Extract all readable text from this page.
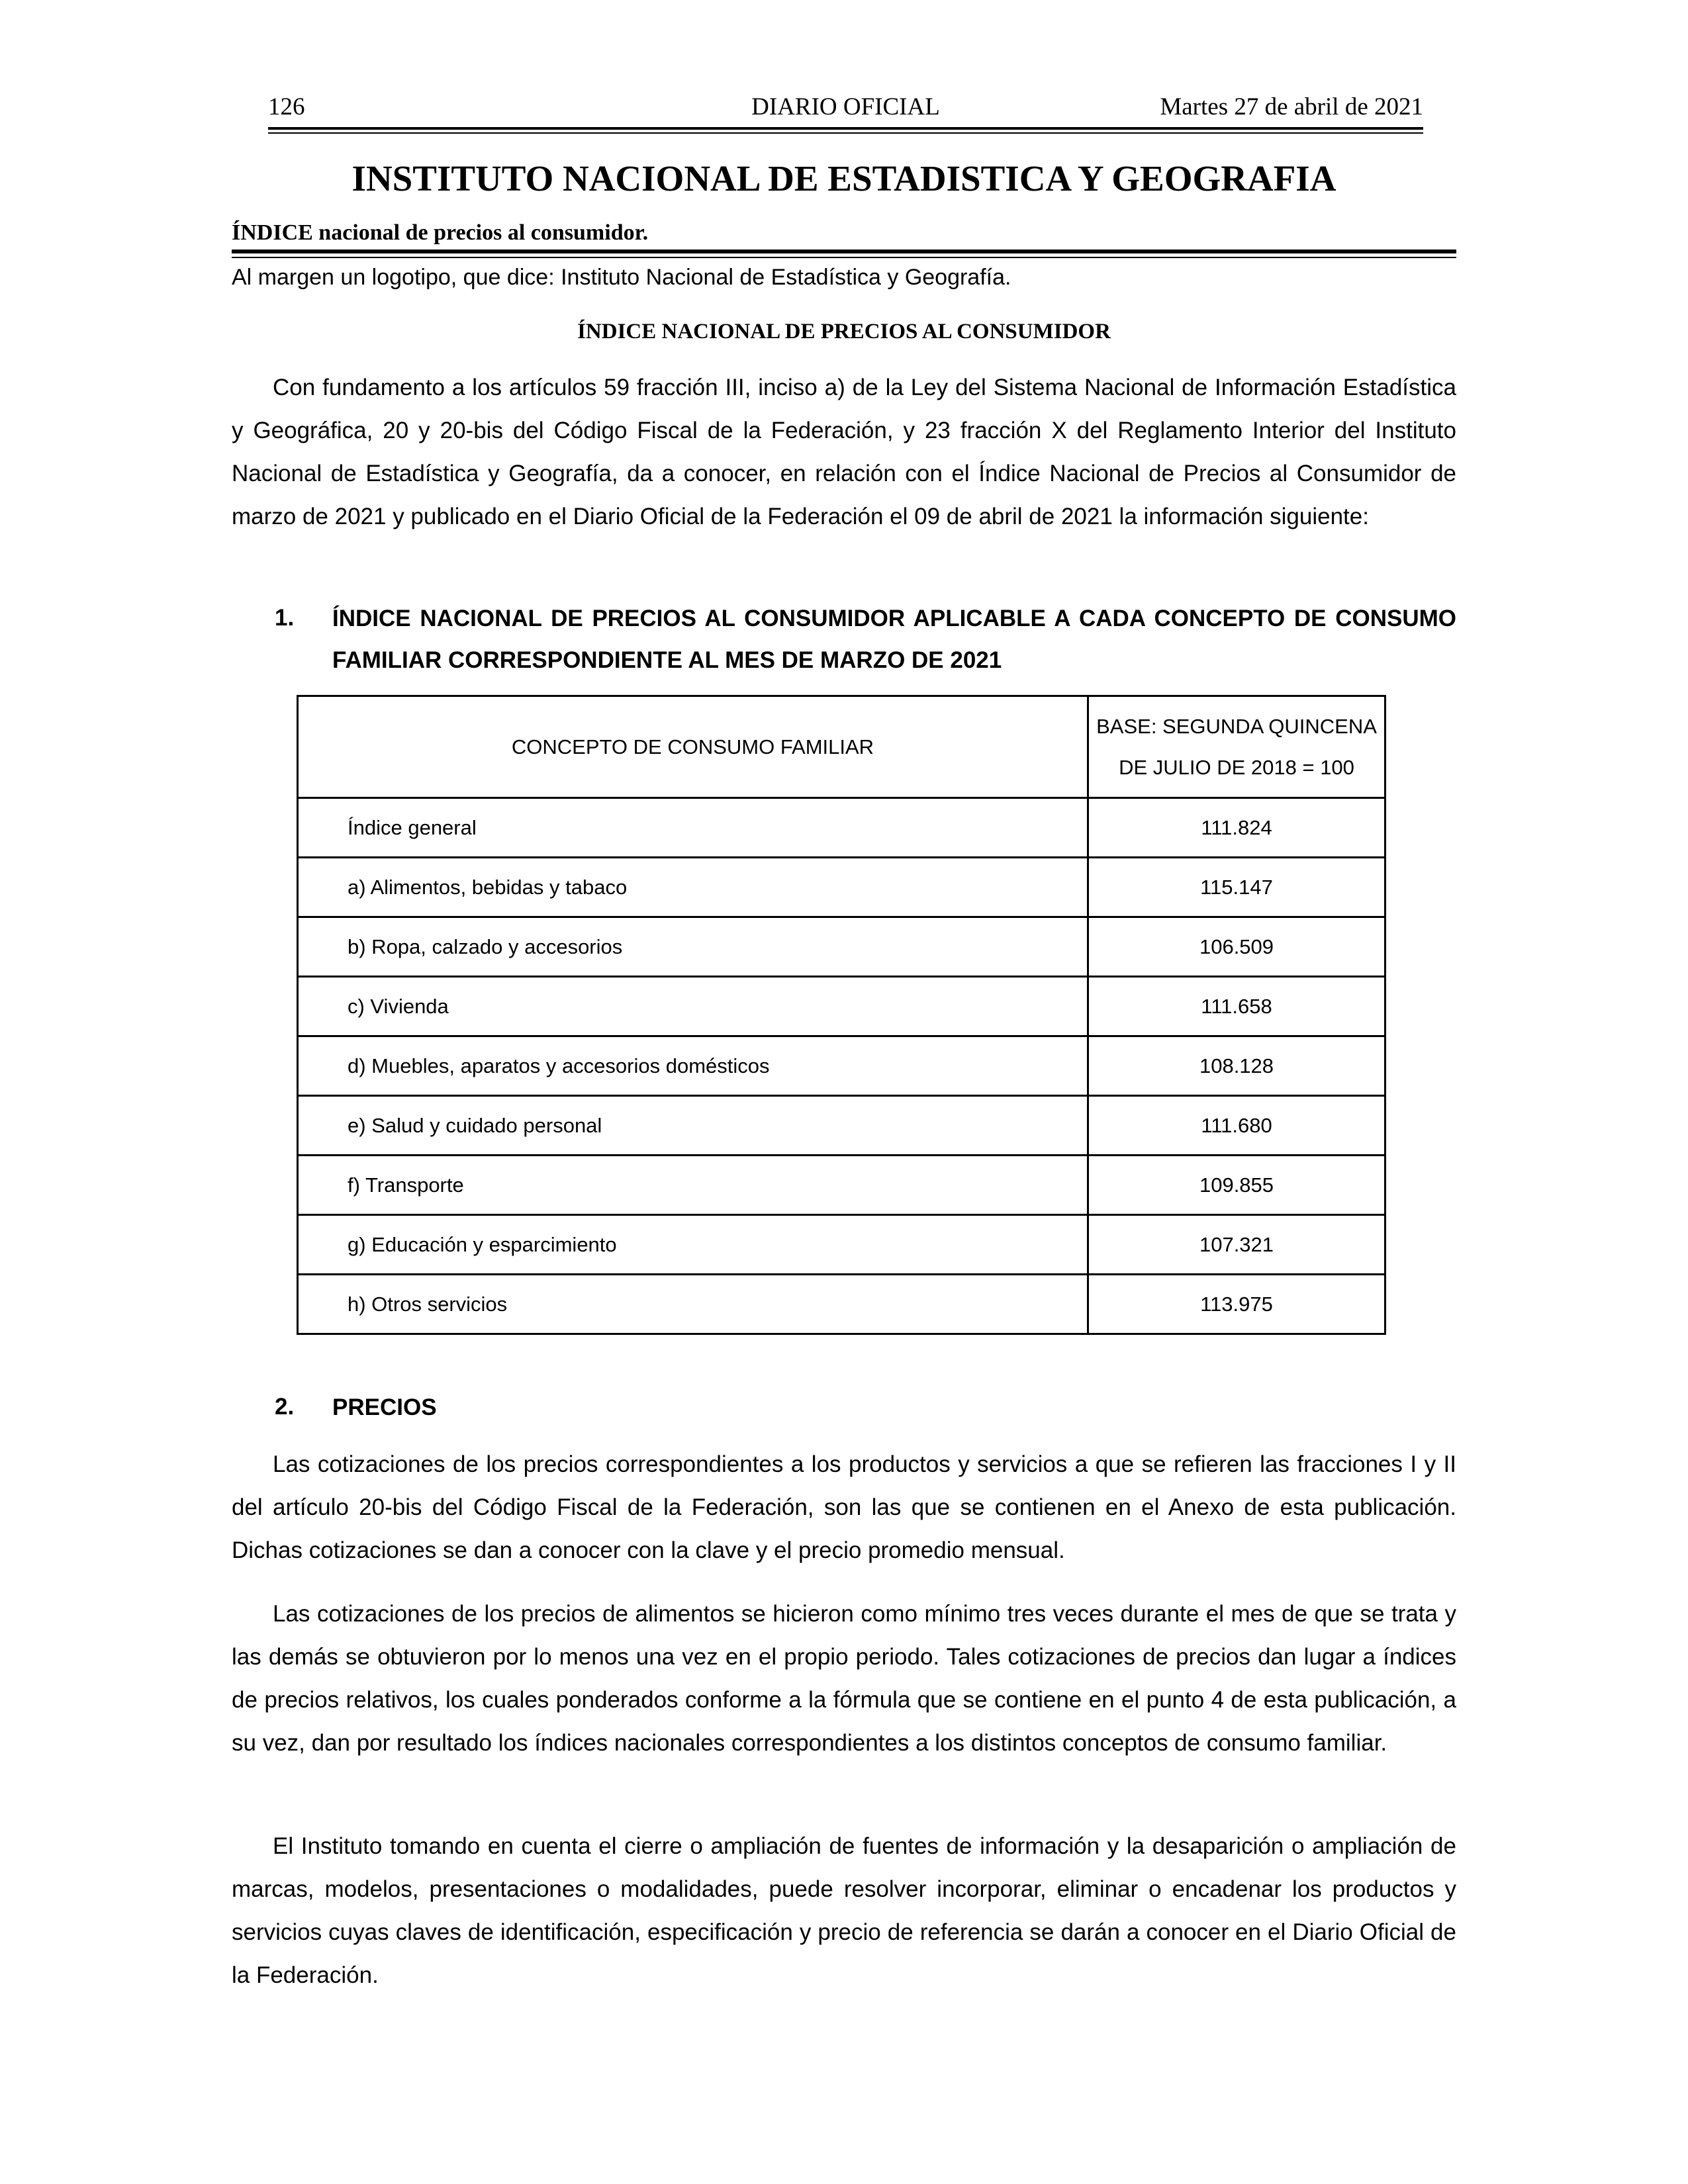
126	DIARIO OFICIAL	Martes 27 de abril de 2021
INSTITUTO NACIONAL DE ESTADISTICA Y GEOGRAFIA
ÍNDICE nacional de precios al consumidor.
Al margen un logotipo, que dice: Instituto Nacional de Estadística y Geografía.
ÍNDICE NACIONAL DE PRECIOS AL CONSUMIDOR

Con fundamento a los artículos 59 fracción III, inciso a) de la Ley del Sistema Nacional de Información Estadística y Geográfica, 20 y 20-bis del Código Fiscal de la Federación, y 23 fracción X del Reglamento Interior del Instituto Nacional de Estadística y Geografía, da a conocer, en relación con el Índice Nacional de Precios al Consumidor de marzo de 2021 y publicado en el Diario Oficial de la Federación el 09 de abril de 2021 la información siguiente:

1. ÍNDICE NACIONAL DE PRECIOS AL CONSUMIDOR APLICABLE A CADA CONCEPTO DE CONSUMO FAMILIAR CORRESPONDIENTE AL MES DE MARZO DE 2021
CONCEPTO DE CONSUMO FAMILIAR	BASE: SEGUNDA QUINCENA
DE JULIO DE 2018 = 100

Índice general	111.824
a) Alimentos, bebidas y tabaco	115.147
b) Ropa, calzado y accesorios	106.509
c) Vivienda	111.658
d) Muebles, aparatos y accesorios domésticos	108.128
e) Salud y cuidado personal	111.680
f) Transporte	109.855
g) Educación y esparcimiento	107.321
h) Otros servicios	113.975
2. PRECIOS

Las cotizaciones de los precios correspondientes a los productos y servicios a que se refieren las fracciones I y II del artículo 20-bis del Código Fiscal de la Federación, son las que se contienen en el Anexo de esta publicación. Dichas cotizaciones se dan a conocer con la clave y el precio promedio mensual.

Las cotizaciones de los precios de alimentos se hicieron como mínimo tres veces durante el mes de que se trata y las demás se obtuvieron por lo menos una vez en el propio periodo. Tales cotizaciones de precios dan lugar a índices de precios relativos, los cuales ponderados conforme a la fórmula que se contiene en el punto 4 de esta publicación, a su vez, dan por resultado los índices nacionales correspondientes a los distintos conceptos de consumo familiar.

El Instituto tomando en cuenta el cierre o ampliación de fuentes de información y la desaparición o ampliación de marcas, modelos, presentaciones o modalidades, puede resolver incorporar, eliminar o encadenar los productos y servicios cuyas claves de identificación, especificación y precio de referencia se darán a conocer en el Diario Oficial de la Federación.
